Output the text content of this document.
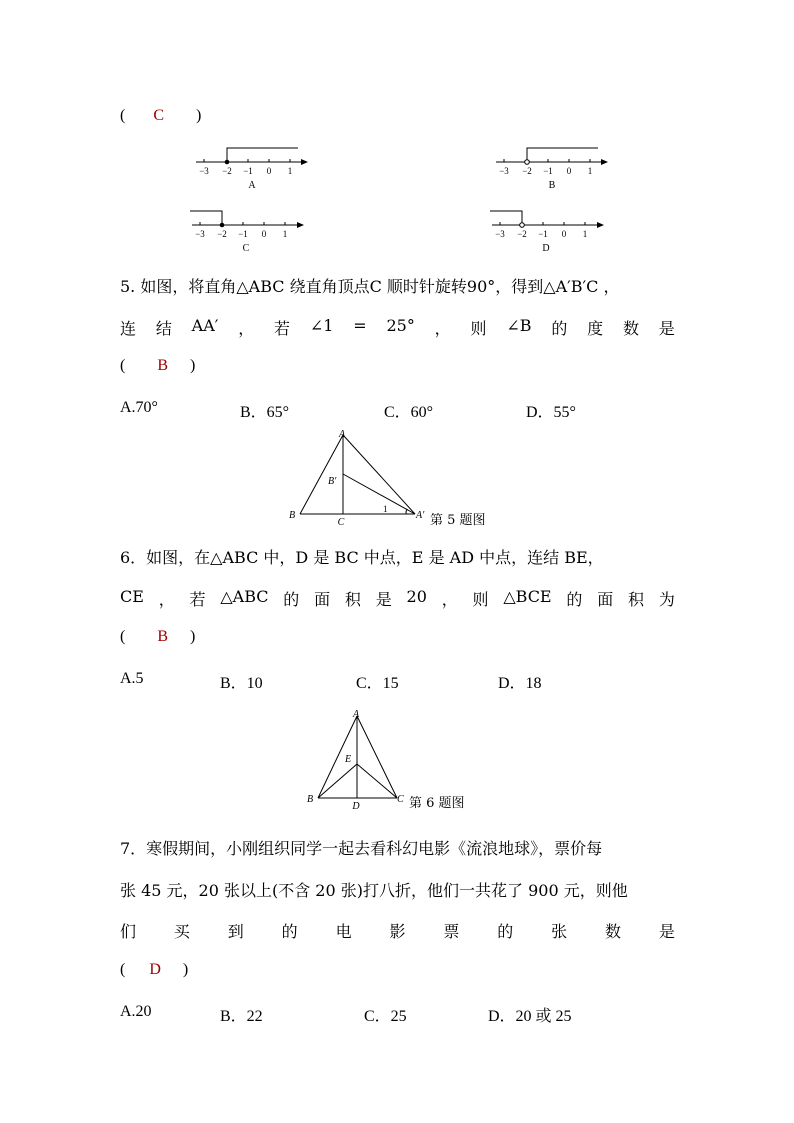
( C )
−3 −2 −1 0 1
A
−3 −2 −1 0 1
B
−3 −2 −1 0 1
C
−3 −2 −1 0 1
D
5. 如图，将直角△ABC 绕直角顶点C 顺时针旋转90°，得到△A′B′C ，
连 结 AA′ ， 若 ∠1 = 25° ， 则 ∠B 的 度 数 是
( B )
A.70°	B．65°	C．60°	D．55°
A
B′
B
C
1
A′ 第 5 题图
6．如图，在△ABC 中，D 是 BC 中点，E 是 AD 中点，连结 BE，
CE ， 若 △ABC 的 面 积 是 20 ， 则 △BCE 的 面 积 为
( B )
A.5	B．10	C．15	D．18
A
E
B
D
C 第 6 题图
7．寒假期间，小刚组织同学一起去看科幻电影《流浪地球》，票价每
张 45 元，20 张以上(不含 20 张)打八折，他们一共花了 900 元，则他
们 买 到 的 电 影 票 的 张 数 是
( D )
A.20	B．22	C．25	D．20 或 25
